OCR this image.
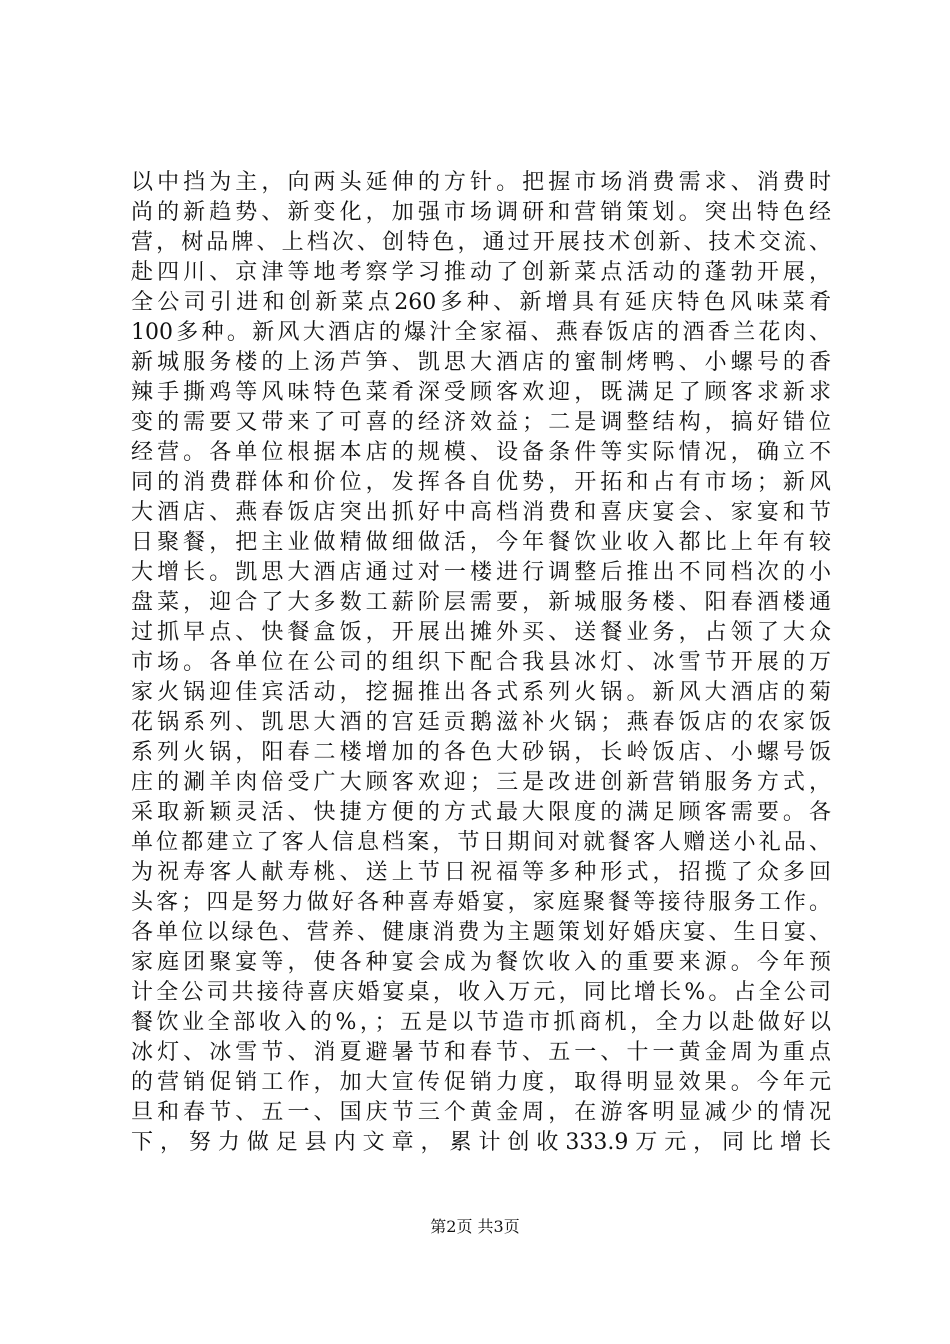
以中挡为主，向两头延伸的方针。把握市场消费需求、消费时
尚的新趋势、新变化，加强市场调研和营销策划。突出特色经
营，树品牌、上档次、创特色，通过开展技术创新、技术交流、
赴四川、京津等地考察学习推动了创新菜点活动的蓬勃开展，
全公司引进和创新菜点260多种、新增具有延庆特色风味菜肴
100多种。新风大酒店的爆汁全家福、燕春饭店的酒香兰花肉、
新城服务楼的上汤芦笋、凯思大酒店的蜜制烤鸭、小螺号的香
辣手撕鸡等风味特色菜肴深受顾客欢迎，既满足了顾客求新求
变的需要又带来了可喜的经济效益；二是调整结构，搞好错位
经营。各单位根据本店的规模、设备条件等实际情况，确立不
同的消费群体和价位，发挥各自优势，开拓和占有市场；新风
大酒店、燕春饭店突出抓好中高档消费和喜庆宴会、家宴和节
日聚餐，把主业做精做细做活，今年餐饮业收入都比上年有较
大增长。凯思大酒店通过对一楼进行调整后推出不同档次的小
盘菜，迎合了大多数工薪阶层需要，新城服务楼、阳春酒楼通
过抓早点、快餐盒饭，开展出摊外买、送餐业务，占领了大众
市场。各单位在公司的组织下配合我县冰灯、冰雪节开展的万
家火锅迎佳宾活动，挖掘推出各式系列火锅。新风大酒店的菊
花锅系列、凯思大酒的宫廷贡鹅滋补火锅；燕春饭店的农家饭
系列火锅，阳春二楼增加的各色大砂锅，长岭饭店、小螺号饭
庄的涮羊肉倍受广大顾客欢迎；三是改进创新营销服务方式，
采取新颖灵活、快捷方便的方式最大限度的满足顾客需要。各
单位都建立了客人信息档案，节日期间对就餐客人赠送小礼品、
为祝寿客人献寿桃、送上节日祝福等多种形式，招揽了众多回
头客；四是努力做好各种喜寿婚宴，家庭聚餐等接待服务工作。
各单位以绿色、营养、健康消费为主题策划好婚庆宴、生日宴、
家庭团聚宴等，使各种宴会成为餐饮收入的重要来源。今年预
计全公司共接待喜庆婚宴桌，收入万元，同比增长%。占全公司
餐饮业全部收入的%，；五是以节造市抓商机，全力以赴做好以
冰灯、冰雪节、消夏避暑节和春节、五一、十一黄金周为重点
的营销促销工作，加大宣传促销力度，取得明显效果。今年元
旦和春节、五一、国庆节三个黄金周，在游客明显减少的情况
下，努力做足县内文章，累计创收333.9万元，同比增长
第2页 共3页
